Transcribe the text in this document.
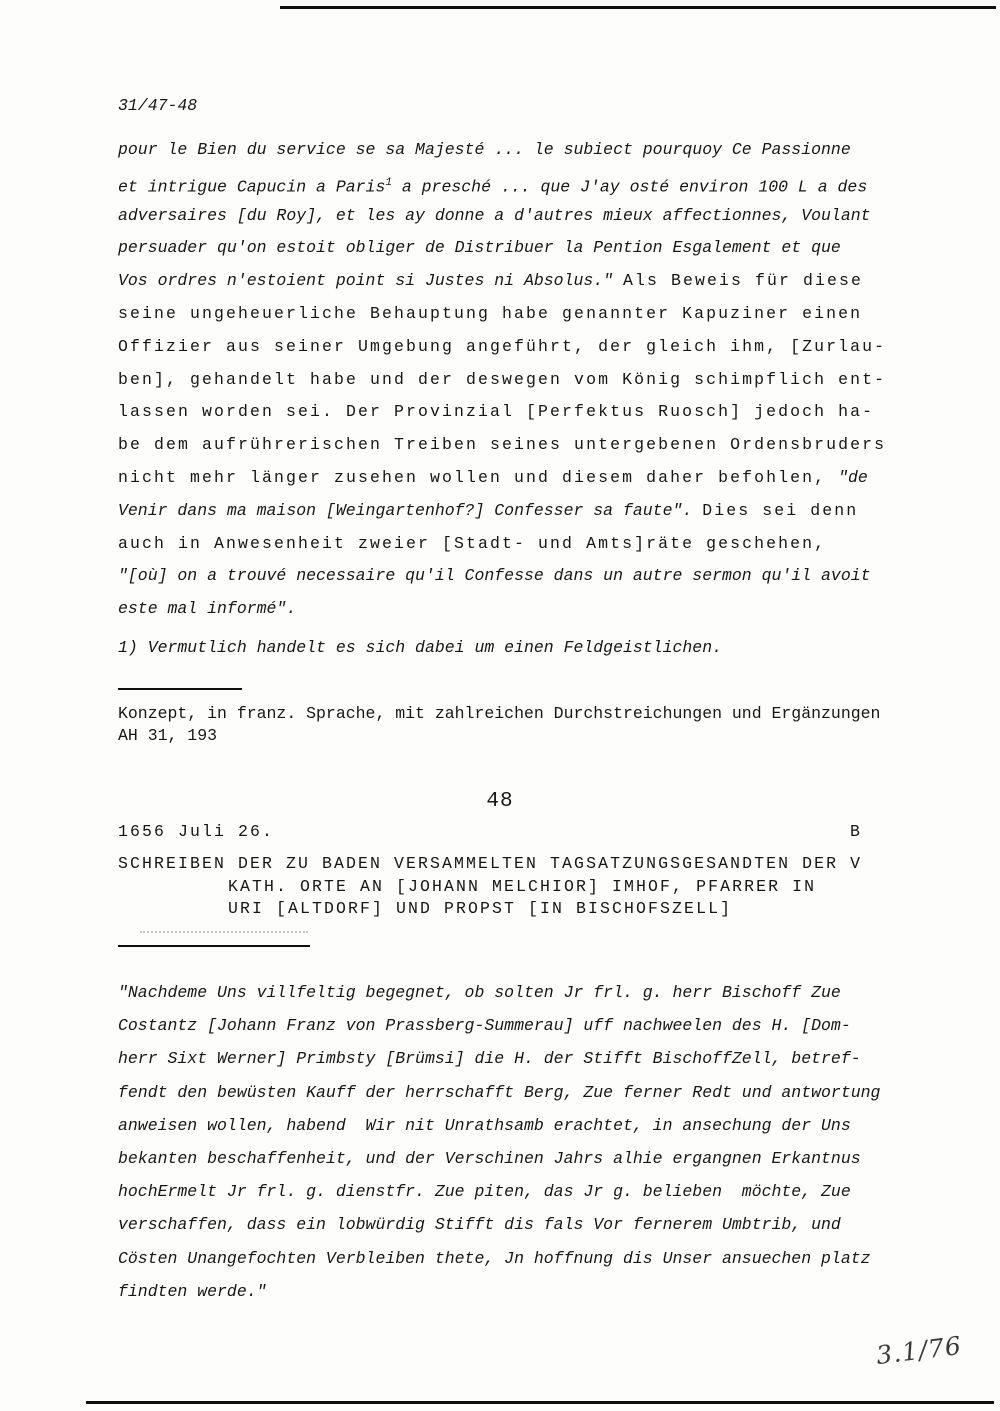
31/47-48
pour le Bien du service se sa Majesté ... le subiect pourquoy Ce Passionne
et intrigue Capucin a Paris$^1$ a presché ... que J'ay osté environ 100 L a des
adversaires [du Roy], et les ay donne a d'autres mieux affectionnes, Voulant
persuader qu'on estoit obliger de Distribuer la Pention Esgalement et que
Vos ordres n'estoient point si Justes ni Absolus." Als Beweis für diese
seine ungeheuerliche Behauptung habe genannter Kapuziner einen
Offizier aus seiner Umgebung angeführt, der gleich ihm, [Zurlau-
ben], gehandelt habe und der deswegen vom König schimpflich ent-
lassen worden sei. Der Provinzial [Perfektus Ruosch] jedoch ha-
be dem aufrührerischen Treiben seines untergebenen Ordensbruders
nicht mehr länger zusehen wollen und diesem daher befohlen, "de
Venir dans ma maison [Weingartenhof?] Confesser sa faute". Dies sei denn
auch in Anwesenheit zweier [Stadt- und Amts]räte geschehen,
"[où] on a trouvé necessaire qu'il Confesse dans un autre sermon qu'il avoit
este mal informé".
1) Vermutlich handelt es sich dabei um einen Feldgeistlichen.
Konzept, in franz. Sprache, mit zahlreichen Durchstreichungen und Ergänzungen
AH 31, 193
48
1656 Juli 26.	B
SCHREIBEN DER ZU BADEN VERSAMMELTEN TAGSATZUNGSGESANDTEN DER V
KATH. ORTE AN [JOHANN MELCHIOR] IMHOF, PFARRER IN
URI [ALTDORF] UND PROPST [IN BISCHOFSZELL]
"Nachdeme Uns villfeltig begegnet, ob solten Jr frl. g. herr Bischoff Zue
Costantz [Johann Franz von Prassberg-Summerau] uff nachweelen des H. [Dom-
herr Sixt Werner] Primbsty [Brümsi] die H. der Stifft BischoffZell, betref-
fendt den bewüsten Kauff der herrschafft Berg, Zue ferner Redt und antwortung
anweisen wollen, habend  Wir nit Unrathsamb erachtet, in ansechung der Uns
bekanten beschaffenheit, und der Verschinen Jahrs alhie ergangnen Erkantnus
hochErmelt Jr frl. g. dienstfr. Zue piten, das Jr g. belieben  möchte, Zue
verschaffen, dass ein lobwürdig Stifft dis fals Vor fernerem Umbtrib, und
Cösten Unangefochten Verbleiben thete, Jn hoffnung dis Unser ansuechen platz
findten werde."
3.1/76
